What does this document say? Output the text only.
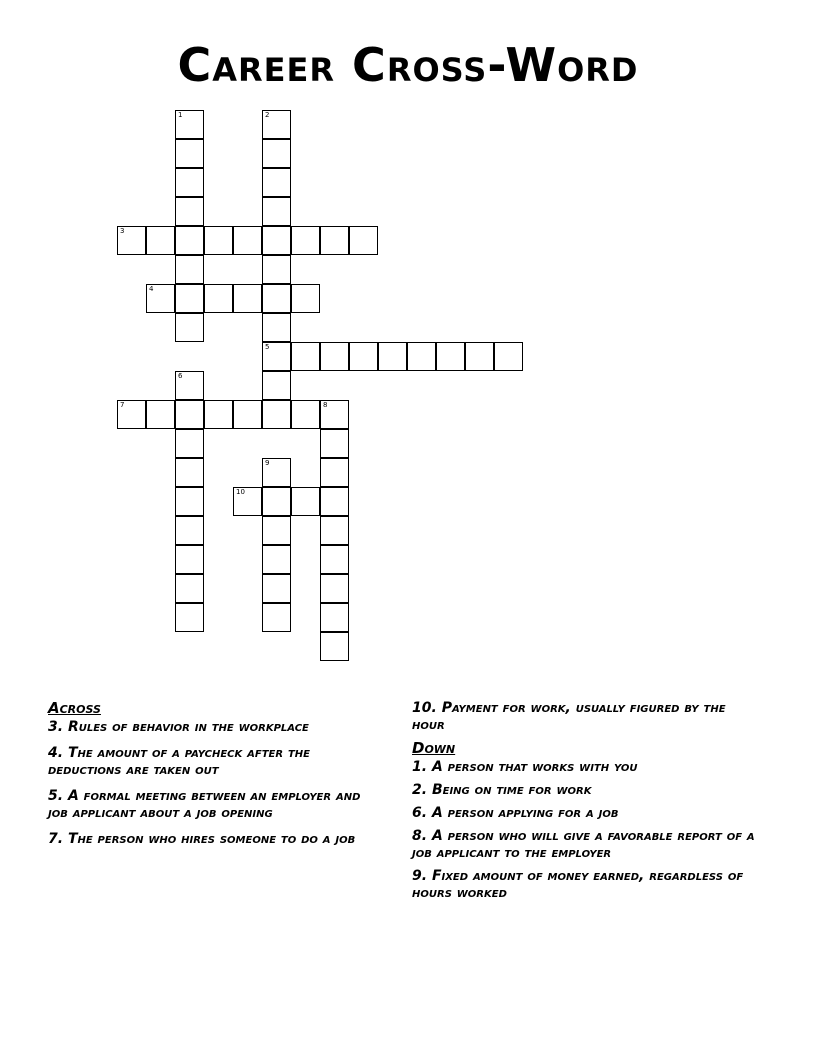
Career Cross-Word
1	2
5
3
4
6
7	8
9
10
Across
3. Rules of behavior in the workplace
4. The amount of a paycheck after the deductions are taken out
5. A formal meeting between an employer and job applicant about a job opening
7. The person who hires someone to do a job
10. Payment for work, usually figured by the hour
Down
1. A person that works with you
2. Being on time for work
6. A person applying for a job
8. A person who will give a favorable report of a job applicant to the employer
9. Fixed amount of money earned, regardless of hours worked
